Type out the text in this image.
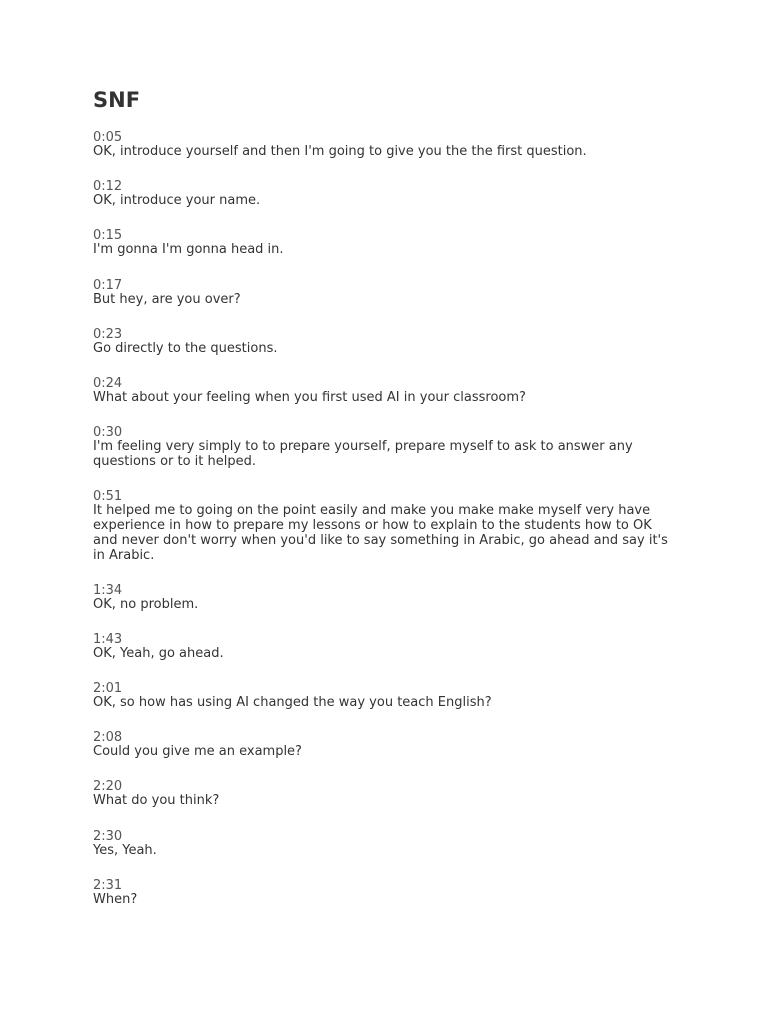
SNF
0:05
OK, introduce yourself and then I'm going to give you the the first question.
0:12
OK, introduce your name.
0:15
I'm gonna I'm gonna head in.
0:17
But hey, are you over?
0:23
Go directly to the questions.
0:24
What about your feeling when you first used AI in your classroom?
0:30
I'm feeling very simply to to prepare yourself, prepare myself to ask to answer any questions or to it helped.
0:51
It helped me to going on the point easily and make you make make myself very have experience in how to prepare my lessons or how to explain to the students how to OK and never don't worry when you'd like to say something in Arabic, go ahead and say it's in Arabic.
1:34
OK, no problem.
1:43
OK, Yeah, go ahead.
2:01
OK, so how has using AI changed the way you teach English?
2:08
Could you give me an example?
2:20
What do you think?
2:30
Yes, Yeah.
2:31
When?
